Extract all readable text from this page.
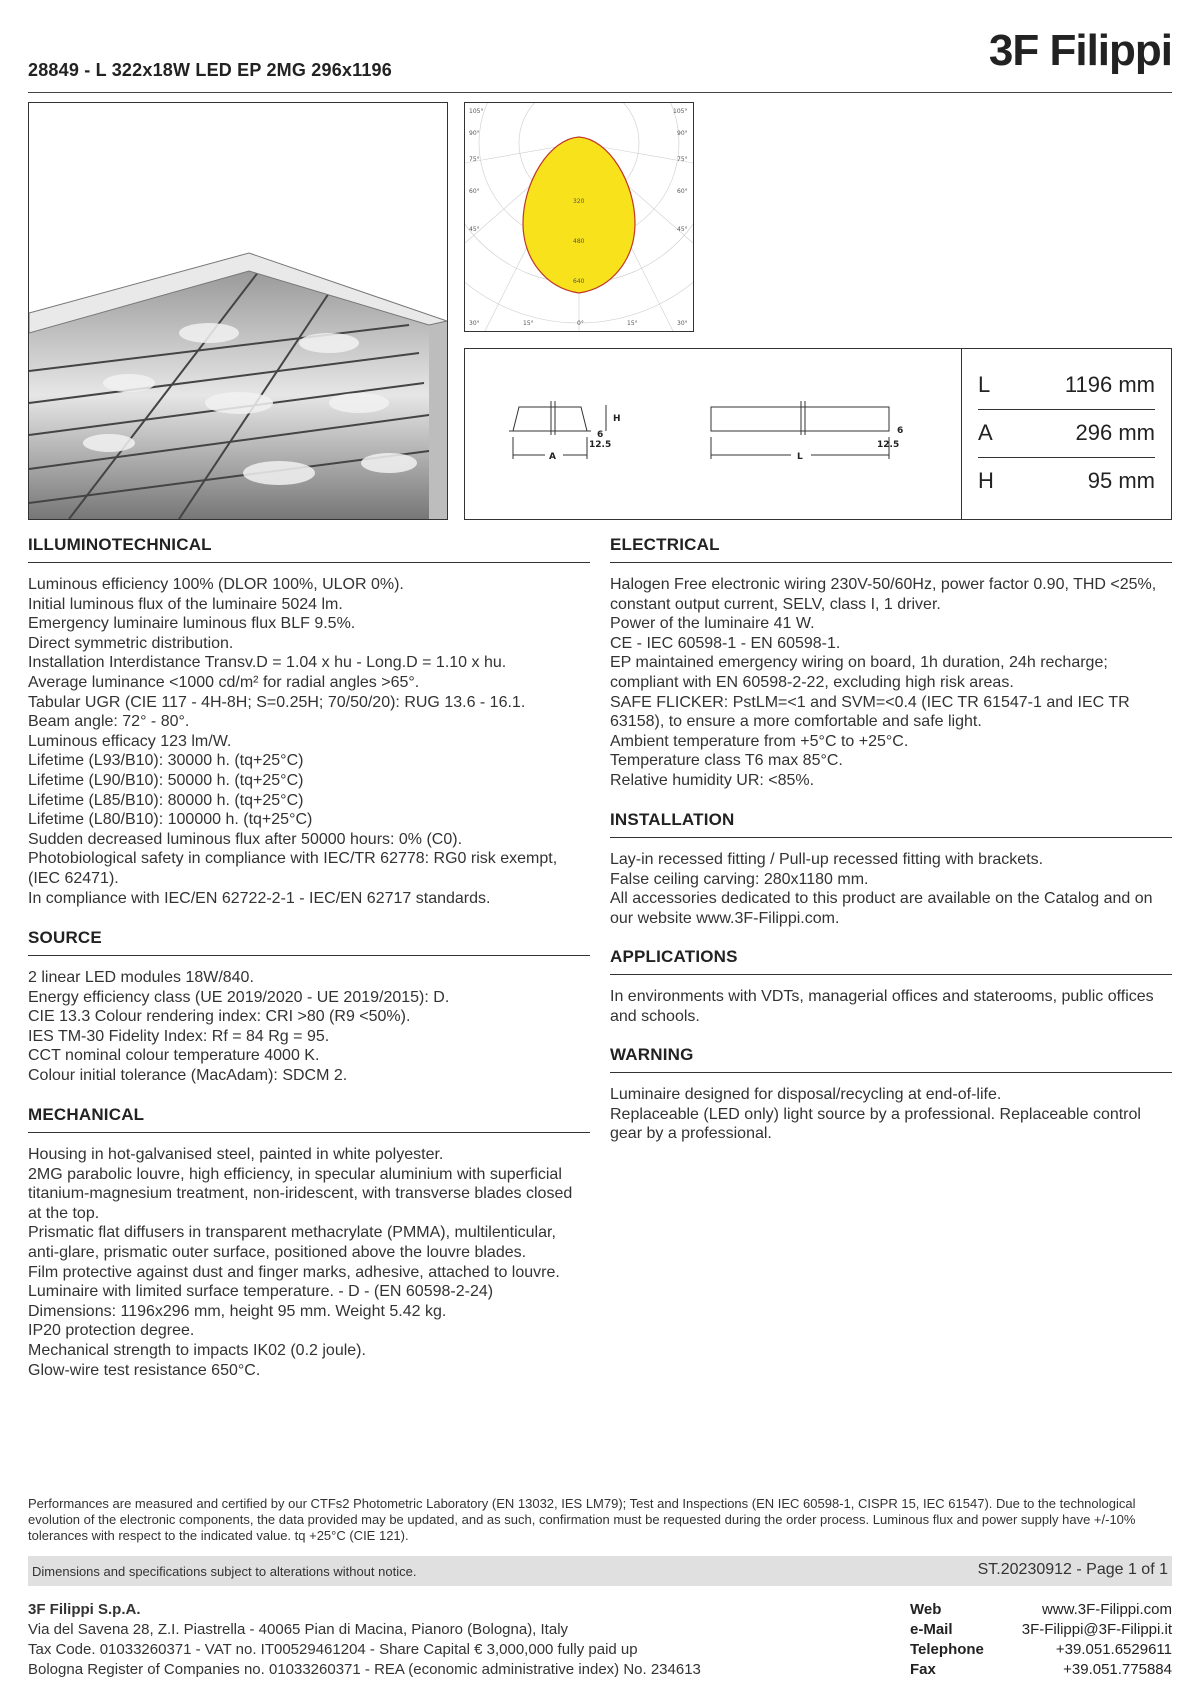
28849 - L 322x18W LED EP 2MG 296x1196	3F Filippi
105°	105°
90°
75°
60°
45°
90°
75°
60°
45°
30°	15°	0°	15°	30°
320
480
640
A
H
6
12.5
L
6
12.5
L	1196 mm
A	296 mm
H	95 mm
ILLUMINOTECHNICAL
Luminous efficiency 100% (DLOR 100%, ULOR 0%).
Initial luminous flux of the luminaire 5024 lm.
Emergency luminaire luminous flux BLF 9.5%.
Direct symmetric distribution.
Installation Interdistance Transv.D = 1.04 x hu - Long.D = 1.10 x hu.
Average luminance <1000 cd/m² for radial angles >65°.
Tabular UGR (CIE 117 - 4H-8H; S=0.25H; 70/50/20): RUG 13.6 - 16.1.
Beam angle: 72° - 80°.
Luminous efficacy 123 lm/W.
Lifetime (L93/B10): 30000 h. (tq+25°C)
Lifetime (L90/B10): 50000 h. (tq+25°C)
Lifetime (L85/B10): 80000 h. (tq+25°C)
Lifetime (L80/B10): 100000 h. (tq+25°C)
Sudden decreased luminous flux after 50000 hours: 0% (C0).
Photobiological safety in compliance with IEC/TR 62778: RG0 risk exempt, (IEC 62471).
In compliance with IEC/EN 62722-2-1 - IEC/EN 62717 standards.
SOURCE
2 linear LED modules 18W/840.
Energy efficiency class (UE 2019/2020 - UE 2019/2015): D.
CIE 13.3 Colour rendering index: CRI >80 (R9 <50%).
IES TM-30 Fidelity Index: Rf = 84 Rg = 95.
CCT nominal colour temperature 4000 K.
Colour initial tolerance (MacAdam): SDCM 2.
MECHANICAL
Housing in hot-galvanised steel, painted in white polyester.
2MG parabolic louvre, high efficiency, in specular aluminium with superficial titanium-magnesium treatment, non-iridescent, with transverse blades closed at the top.
Prismatic flat diffusers in transparent methacrylate (PMMA), multilenticular, anti-glare, prismatic outer surface, positioned above the louvre blades.
Film protective against dust and finger marks, adhesive, attached to louvre.
Luminaire with limited surface temperature. - D - (EN 60598-2-24)
Dimensions: 1196x296 mm, height 95 mm. Weight 5.42 kg.
IP20 protection degree.
Mechanical strength to impacts IK02 (0.2 joule).
Glow-wire test resistance 650°C.
ELECTRICAL
Halogen Free electronic wiring 230V-50/60Hz, power factor 0.90, THD <25%, constant output current, SELV, class I, 1 driver.
Power of the luminaire 41 W.
CE - IEC 60598-1 - EN 60598-1.
EP maintained emergency wiring on board, 1h duration, 24h recharge; compliant with EN 60598-2-22, excluding high risk areas.
SAFE FLICKER: PstLM=<1 and SVM=<0.4 (IEC TR 61547-1 and IEC TR 63158), to ensure a more comfortable and safe light.
Ambient temperature from +5°C to +25°C.
Temperature class T6 max 85°C.
Relative humidity UR: <85%.
INSTALLATION
Lay-in recessed fitting / Pull-up recessed fitting with brackets.
False ceiling carving: 280x1180 mm.
All accessories dedicated to this product are available on the Catalog and on our website www.3F-Filippi.com.
APPLICATIONS
In environments with VDTs, managerial offices and staterooms, public offices and schools.
WARNING
Luminaire designed for disposal/recycling at end-of-life.
Replaceable (LED only) light source by a professional. Replaceable control gear by a professional.
Performances are measured and certified by our CTFs2 Photometric Laboratory (EN 13032, IES LM79); Test and Inspections (EN IEC 60598-1, CISPR 15, IEC 61547). Due to the technological evolution of the electronic components, the data provided may be updated, and as such, confirmation must be requested during the order process. Luminous flux and power supply have +/-10% tolerances with respect to the indicated value. tq +25°C (CIE 121).
Dimensions and specifications subject to alterations without notice.	ST.20230912 - Page 1 of 1
3F Filippi S.p.A.
Via del Savena 28, Z.I. Piastrella - 40065 Pian di Macina, Pianoro (Bologna), Italy
Tax Code. 01033260371 - VAT no. IT00529461204 - Share Capital € 3,000,000 fully paid up
Bologna Register of Companies no. 01033260371 - REA (economic administrative index) No. 234613
Web	www.3F-Filippi.com
e-Mail	3F-Filippi@3F-Filippi.it
Telephone	+39.051.6529611
Fax	+39.051.775884
